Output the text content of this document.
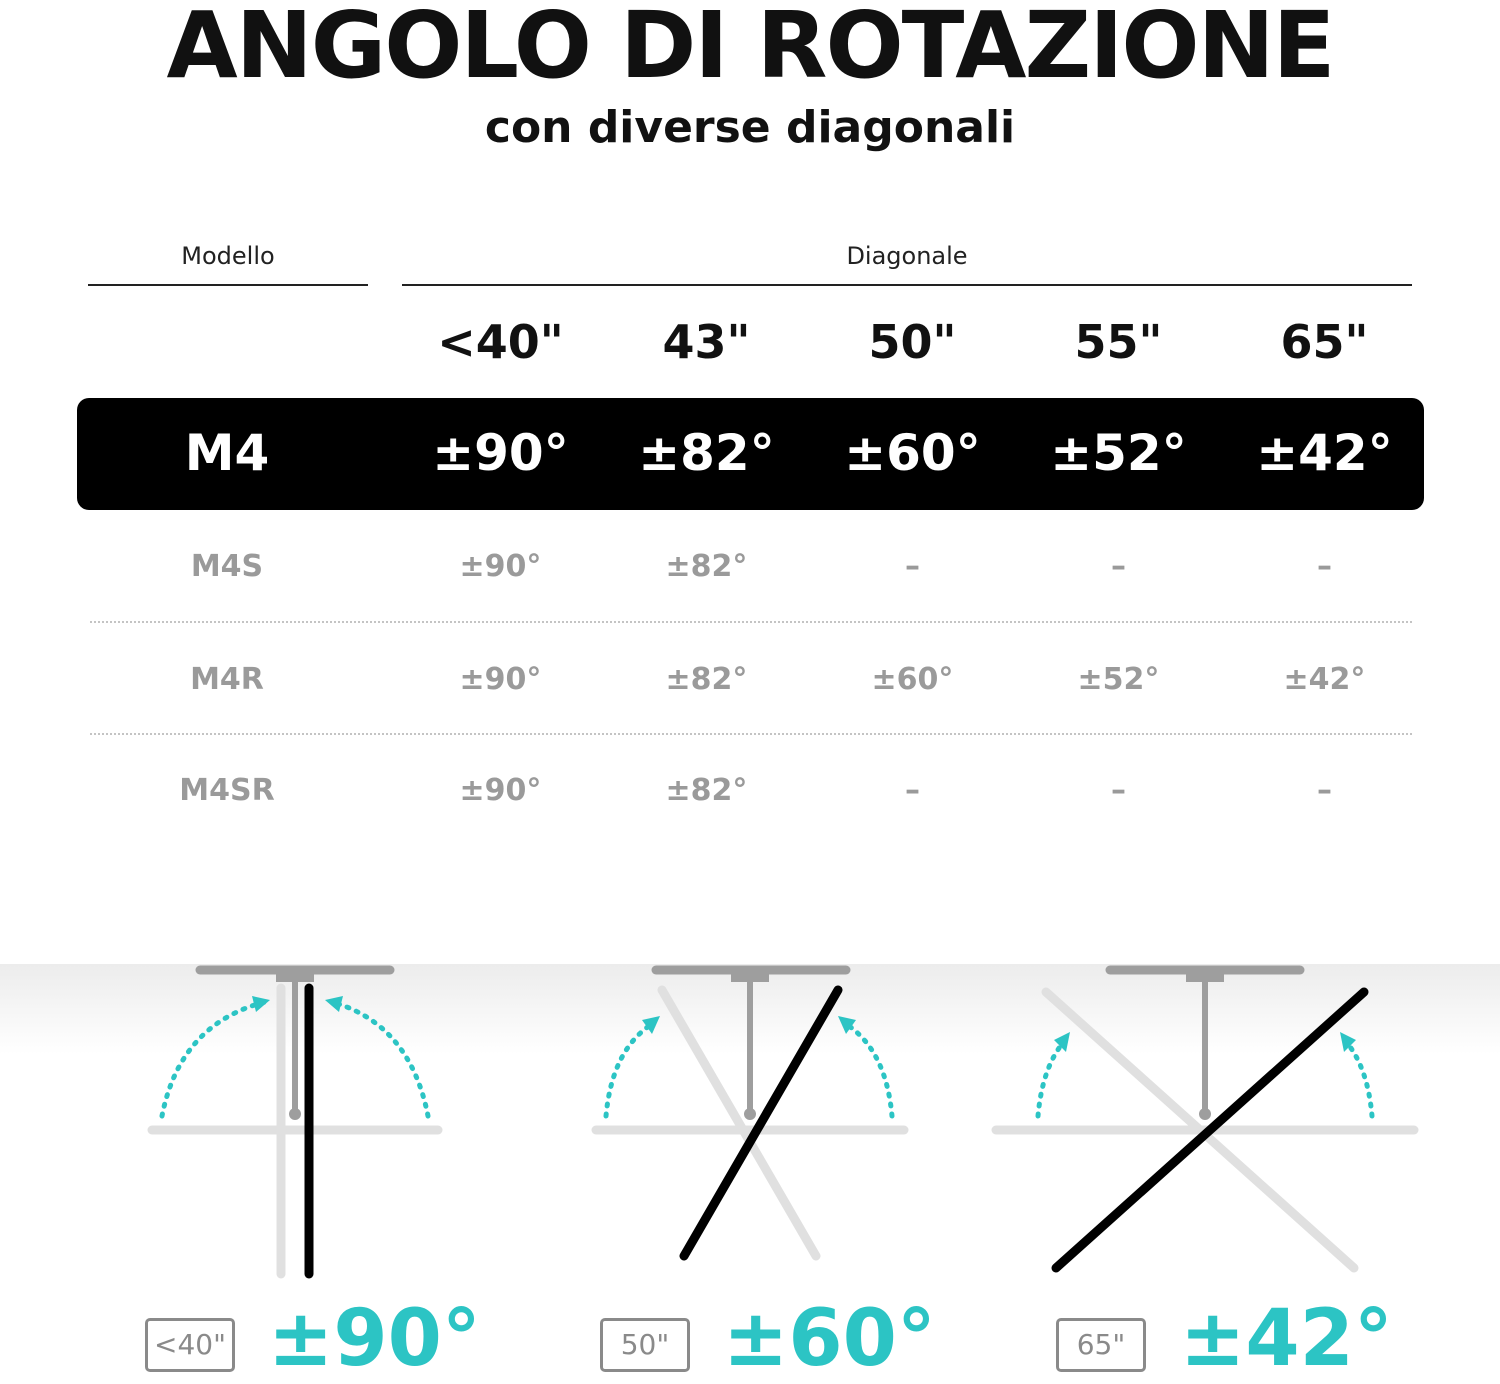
ANGOLO DI ROTAZIONE
con diverse diagonali
Modello	Diagonale
<40"	43"	50"	55"	65"
M4	±90°	±82°	±60°	±52°	±42°
M4S	±90°	±82°	–	–	–
M4R	±90°	±82°	±60°	±52°	±42°
M4SR	±90°	±82°	–	–	–
<40" ±90°	50" ±60°	65" ±42°
